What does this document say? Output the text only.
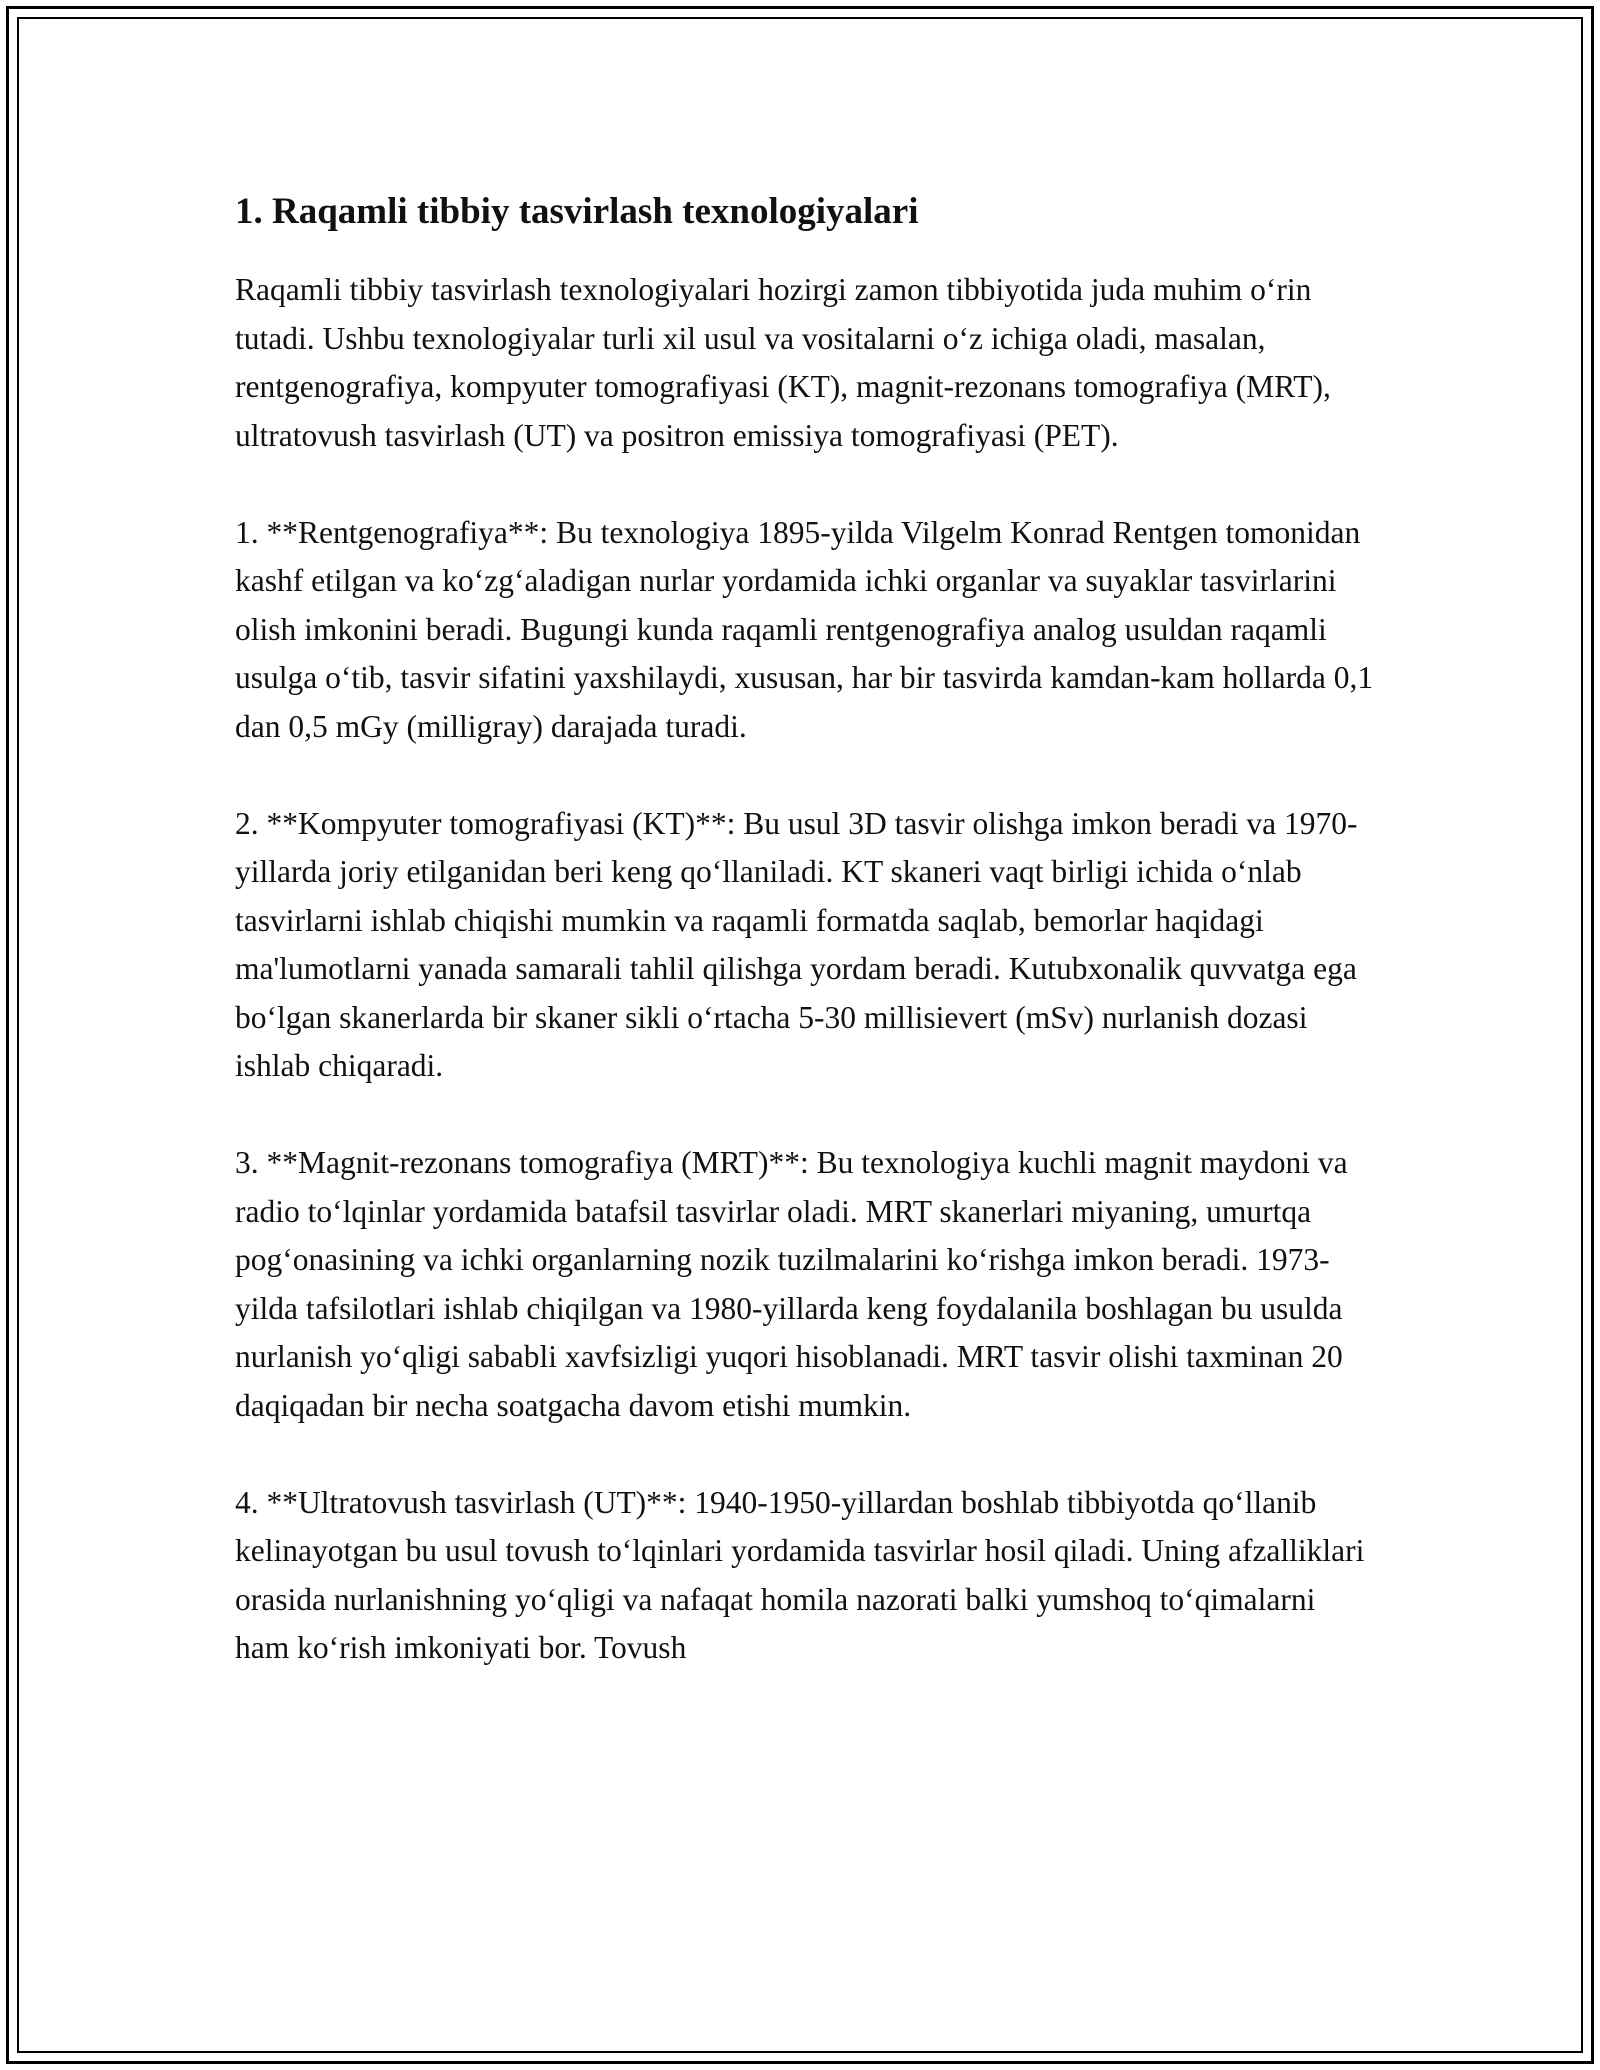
1. Raqamli tibbiy tasvirlash texnologiyalari

Raqamli tibbiy tasvirlash texnologiyalari hozirgi zamon tibbiyotida juda muhim o‘rin tutadi. Ushbu texnologiyalar turli xil usul va vositalarni o‘z ichiga oladi, masalan, rentgenografiya, kompyuter tomografiyasi (KT), magnit-rezonans tomografiya (MRT), ultratovush tasvirlash (UT) va positron emissiya tomografiyasi (PET).

1. **Rentgenografiya**: Bu texnologiya 1895-yilda Vilgelm Konrad Rentgen tomonidan kashf etilgan va ko‘zg‘aladigan nurlar yordamida ichki organlar va suyaklar tasvirlarini olish imkonini beradi. Bugungi kunda raqamli rentgenografiya analog usuldan raqamli usulga o‘tib, tasvir sifatini yaxshilaydi, xususan, har bir tasvirda kamdan-kam hollarda 0,1 dan 0,5 mGy (milligray) darajada turadi.

2. **Kompyuter tomografiyasi (KT)**: Bu usul 3D tasvir olishga imkon beradi va 1970-yillarda joriy etilganidan beri keng qo‘llaniladi. KT skaneri vaqt birligi ichida o‘nlab tasvirlarni ishlab chiqishi mumkin va raqamli formatda saqlab, bemorlar haqidagi ma'lumotlarni yanada samarali tahlil qilishga yordam beradi. Kutubxonalik quvvatga ega bo‘lgan skanerlarda bir skaner sikli o‘rtacha 5-30 millisievert (mSv) nurlanish dozasi ishlab chiqaradi.

3. **Magnit-rezonans tomografiya (MRT)**: Bu texnologiya kuchli magnit maydoni va radio to‘lqinlar yordamida batafsil tasvirlar oladi. MRT skanerlari miyaning, umurtqa pog‘onasining va ichki organlarning nozik tuzilmalarini ko‘rishga imkon beradi. 1973-yilda tafsilotlari ishlab chiqilgan va 1980-yillarda keng foydalanila boshlagan bu usulda nurlanish yo‘qligi sababli xavfsizligi yuqori hisoblanadi. MRT tasvir olishi taxminan 20 daqiqadan bir necha soatgacha davom etishi mumkin.

4. **Ultratovush tasvirlash (UT)**: 1940-1950-yillardan boshlab tibbiyotda qo‘llanib kelinayotgan bu usul tovush to‘lqinlari yordamida tasvirlar hosil qiladi. Uning afzalliklari orasida nurlanishning yo‘qligi va nafaqat homila nazorati balki yumshoq to‘qimalarni ham ko‘rish imkoniyati bor. Tovush
